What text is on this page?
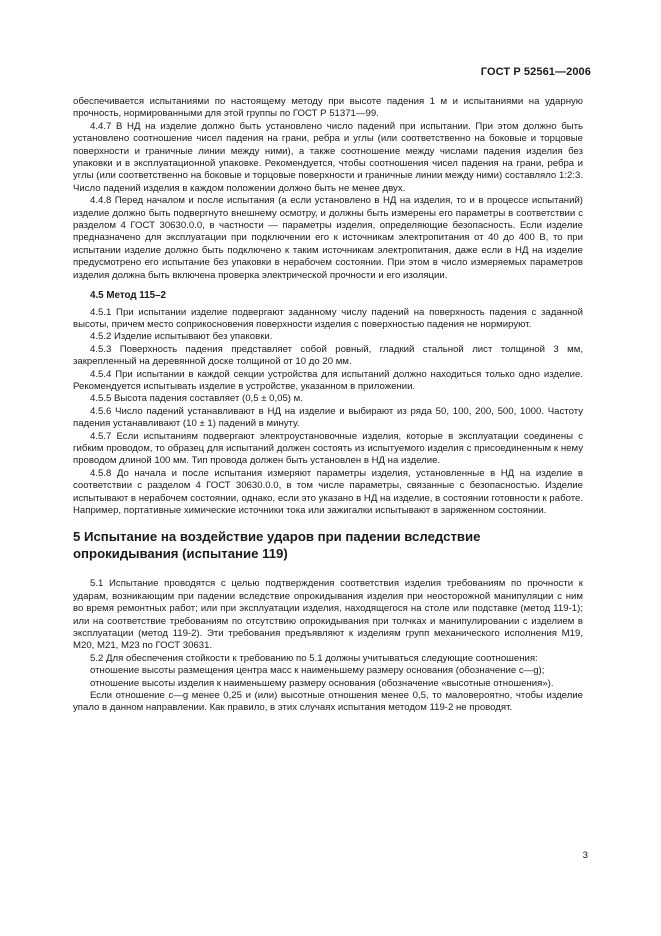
ГОСТ Р 52561—2006

обеспечивается испытаниями по настоящему методу при высоте падения 1 м и испытаниями на ударную прочность, нормированными для этой группы по ГОСТ Р 51371—99.

4.4.7 В НД на изделие должно быть установлено число падений при испытании. При этом должно быть установлено соотношение чисел падения на грани, ребра и углы (или соответственно на боковые и торцовые поверхности и граничные линии между ними), а также соотношение между числами падения изделия без упаковки и в эксплуатационной упаковке. Рекомендуется, чтобы соотношения чисел падения на грани, ребра и углы (или соответственно на боковые и торцовые поверхности и граничные линии между ними) составляло 1:2:3. Число падений изделия в каждом положении должно быть не менее двух.

4.4.8 Перед началом и после испытания (а если установлено в НД на изделия, то и в процессе испытаний) изделие должно быть подвергнуто внешнему осмотру, и должны быть измерены его параметры в соответствии с разделом 4 ГОСТ 30630.0.0, в частности — параметры изделия, определяющие безопасность. Если изделие предназначено для эксплуатации при подключении его к источникам электропитания от 40 до 400 В, то при испытании изделие должно быть подключено к таким источникам электропитания, даже если в НД на изделие предусмотрено его испытание без упаковки в нерабочем состоянии. При этом в число измеряемых параметров изделия должна быть включена проверка электрической прочности и его изоляции.

4.5 Метод 115–2

4.5.1 При испытании изделие подвергают заданному числу падений на поверхность падения с заданной высоты, причем место соприкосновения поверхности изделия с поверхностью падения не нормируют.

4.5.2 Изделие испытывают без упаковки.

4.5.3 Поверхность падения представляет собой ровный, гладкий стальной лист толщиной 3 мм, закрепленный на деревянной доске толщиной от 10 до 20 мм.

4.5.4 При испытании в каждой секции устройства для испытаний должно находиться только одно изделие. Рекомендуется испытывать изделие в устройстве, указанном в приложении.

4.5.5 Высота падения составляет (0,5 ± 0,05) м.

4.5.6 Число падений устанавливают в НД на изделие и выбирают из ряда 50, 100, 200, 500, 1000. Частоту падения устанавливают (10 ± 1) падений в минуту.

4.5.7 Если испытаниям подвергают электроустановочные изделия, которые в эксплуатации соединены с гибким проводом, то образец для испытаний должен состоять из испытуемого изделия с присоединенным к нему проводом длиной 100 мм. Тип провода должен быть установлен в НД на изделие.

4.5.8 До начала и после испытания измеряют параметры изделия, установленные в НД на изделие в соответствии с разделом 4 ГОСТ 30630.0.0, в том числе параметры, связанные с безопасностью. Изделие испытывают в нерабочем состоянии, однако, если это указано в НД на изделие, в состоянии готовности к работе. Например, портативные химические источники тока или зажигалки испытывают в заряженном состоянии.

5 Испытание на воздействие ударов при падении вследствие опрокидывания (испытание 119)

5.1 Испытание проводятся с целью подтверждения соответствия изделия требованиям по прочности к ударам, возникающим при падении вследствие опрокидывания изделия при неосторожной манипуляции с ним во время ремонтных работ; или при эксплуатации изделия, находящегося на столе или подставке (метод 119-1); или на соответствие требованиям по отсутствию опрокидывания при толчках и манипулировании с изделием в эксплуатации (метод 119-2). Эти требования предъявляют к изделиям групп механического исполнения М19, М20, М21, М23 по ГОСТ 30631.

5.2 Для обеспечения стойкости к требованию по 5.1 должны учитываться следующие соотношения:

отношение высоты размещения центра масс к наименьшему размеру основания (обозначение c—g);

отношение высоты изделия к наименьшему размеру основания (обозначение «высотные отношения»).

Если отношение c—g менее 0,25 и (или) высотные отношения менее 0,5, то маловероятно, чтобы изделие упало в данном направлении. Как правило, в этих случаях испытания методом 119-2 не проводят.

3
